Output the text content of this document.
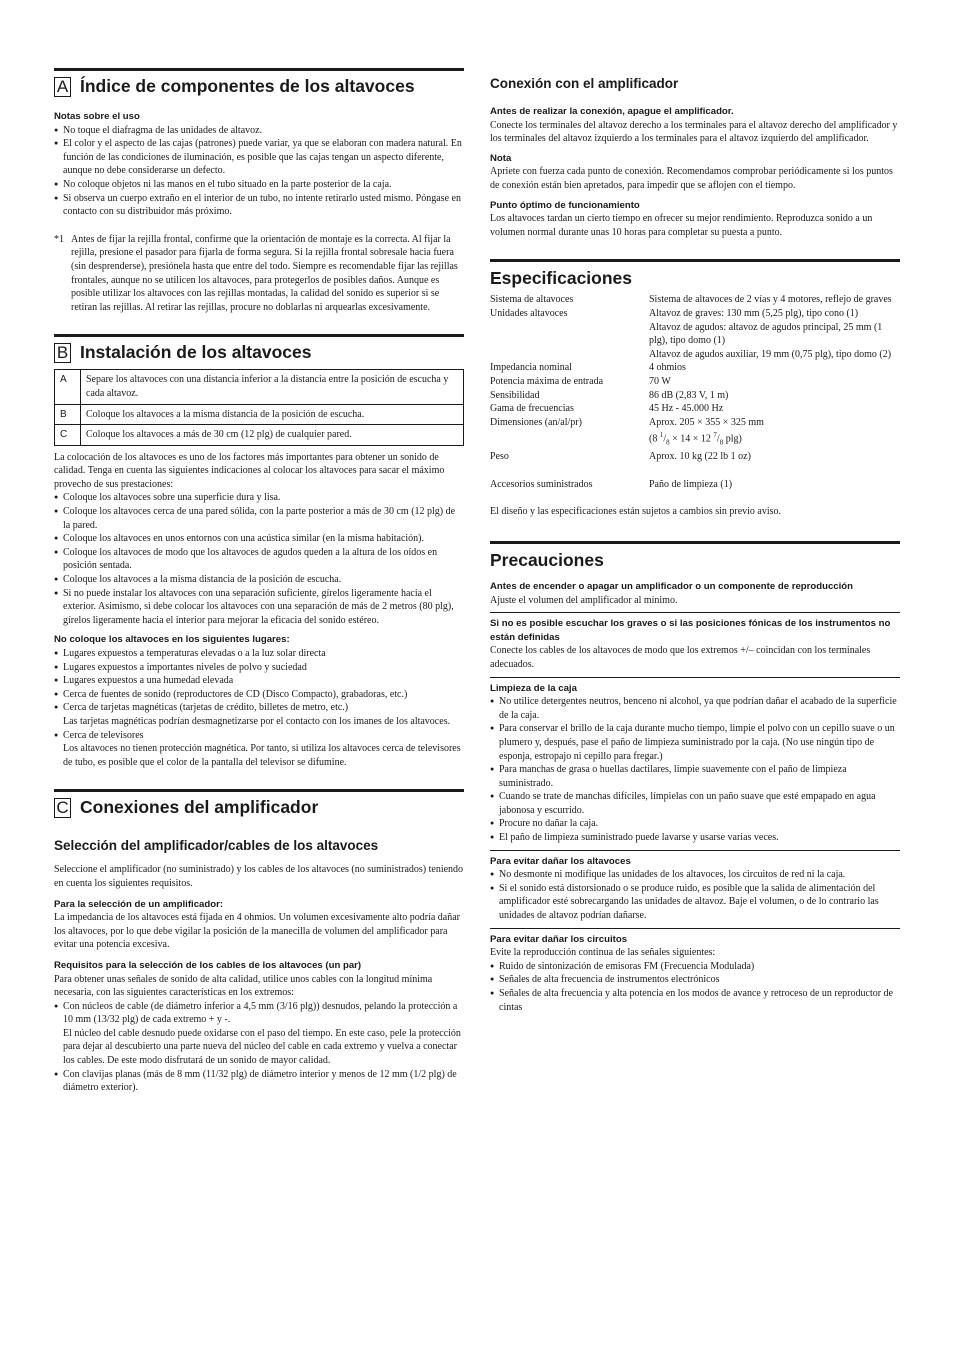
A Índice de componentes de los altavoces
Notas sobre el uso
● No toque el diafragma de las unidades de altavoz.
● El color y el aspecto de las cajas (patrones) puede variar, ya que se elaboran con madera natural. En función de las condiciones de iluminación, es posible que las cajas tengan un aspecto diferente, aunque no debe considerarse un defecto.
● No coloque objetos ni las manos en el tubo situado en la parte posterior de la caja.
● Si observa un cuerpo extraño en el interior de un tubo, no intente retirarlo usted mismo. Póngase en contacto con su distribuidor más próximo.
*1 Antes de fijar la rejilla frontal, confirme que la orientación de montaje es la correcta. Al fijar la rejilla, presione el pasador para fijarla de forma segura. Si la rejilla frontal sobresale hacia fuera (sin desprenderse), presiónela hasta que entre del todo. Siempre es recomendable fijar las rejillas frontales, aunque no se utilicen los altavoces, para protegerlos de posibles daños. Aunque es posible utilizar los altavoces con las rejillas montadas, la calidad del sonido es superior si se retiran las rejillas. Al retirar las rejillas, procure no doblarlas ni arquearlas excesivamente.
B Instalación de los altavoces
A	Separe los altavoces con una distancia inferior a la distancia entre la posición de escucha y cada altavoz.
B	Coloque los altavoces a la misma distancia de la posición de escucha.
C	Coloque los altavoces a más de 30 cm (12 plg) de cualquier pared.

La colocación de los altavoces es uno de los factores más importantes para obtener un sonido de calidad. Tenga en cuenta las siguientes indicaciones al colocar los altavoces para sacar el máximo provecho de sus prestaciones:

● Coloque los altavoces sobre una superficie dura y lisa.
● Coloque los altavoces cerca de una pared sólida, con la parte posterior a más de 30 cm (12 plg) de la pared.
● Coloque los altavoces en unos entornos con una acústica similar (en la misma habitación).
● Coloque los altavoces de modo que los altavoces de agudos queden a la altura de los oídos en posición sentada.
● Coloque los altavoces a la misma distancia de la posición de escucha.
● Si no puede instalar los altavoces con una separación suficiente, gírelos ligeramente hacia el exterior. Asimismo, si debe colocar los altavoces con una separación de más de 2 metros (80 plg), gírelos ligeramente hacia el interior para mejorar la eficacia del sonido estéreo.
No coloque los altavoces en los siguientes lugares:
● Lugares expuestos a temperaturas elevadas o a la luz solar directa
● Lugares expuestos a importantes niveles de polvo y suciedad
● Lugares expuestos a una humedad elevada
● Cerca de fuentes de sonido (reproductores de CD (Disco Compacto), grabadoras, etc.)
● Cerca de tarjetas magnéticas (tarjetas de crédito, billetes de metro, etc.)
Las tarjetas magnéticas podrían desmagnetizarse por el contacto con los imanes de los altavoces.
● Cerca de televisores
Los altavoces no tienen protección magnética. Por tanto, si utiliza los altavoces cerca de televisores de tubo, es posible que el color de la pantalla del televisor se difumine.
C Conexiones del amplificador
Selección del amplificador/cables de los altavoces

Seleccione el amplificador (no suministrado) y los cables de los altavoces (no suministrados) teniendo en cuenta los siguientes requisitos.

Para la selección de un amplificador:

La impedancia de los altavoces está fijada en 4 ohmios. Un volumen excesivamente alto podría dañar los altavoces, por lo que debe vigilar la posición de la manecilla de volumen del amplificador para evitar una potencia excesiva.

Requisitos para la selección de los cables de los altavoces (un par)

Para obtener unas señales de sonido de alta calidad, utilice unos cables con la longitud mínima necesaria, con las siguientes características en los extremos:

● Con núcleos de cable (de diámetro inferior a 4,5 mm (3/16 plg)) desnudos, pelando la protección a 10 mm (13/32 plg) de cada extremo + y -.
El núcleo del cable desnudo puede oxidarse con el paso del tiempo. En este caso, pele la protección para dejar al descubierto una parte nueva del núcleo del cable en cada extremo y vuelva a conectar los cables. De este modo disfrutará de un sonido de mayor calidad.
● Con clavijas planas (más de 8 mm (11/32 plg) de diámetro interior y menos de 12 mm (1/2 plg) de diámetro exterior).
Conexión con el amplificador
Antes de realizar la conexión, apague el amplificador.

Conecte los terminales del altavoz derecho a los terminales para el altavoz derecho del amplificador y los terminales del altavoz izquierdo a los terminales para el altavoz izquierdo del amplificador.

Nota

Apriete con fuerza cada punto de conexión. Recomendamos comprobar periódicamente si los puntos de conexión están bien apretados, para impedir que se aflojen con el tiempo.

Punto óptimo de funcionamiento

Los altavoces tardan un cierto tiempo en ofrecer su mejor rendimiento. Reproduzca sonido a un volumen normal durante unas 10 horas para completar su puesta a punto.

Especificaciones
Sistema de altavoces	Sistema de altavoces de 2 vías y 4 motores, reflejo de graves
Unidades altavoces	Altavoz de graves: 130 mm (5,25 plg), tipo cono (1)
Altavoz de agudos: altavoz de agudos principal, 25 mm (1 plg), tipo domo (1)
Altavoz de agudos auxiliar, 19 mm (0,75 plg), tipo domo (2)
Impedancia nominal	4 ohmios
Potencia máxima de entrada	70 W
Sensibilidad	86 dB (2,83 V, 1 m)
Gama de frecuencias	45 Hz - 45.000 Hz
Dimensiones (an/al/pr)	Aprox. 205 × 355 × 325 mm
(8 $^1/_8 \times 14 \times 12$ $^7/_8$ plg)
Peso	Aprox. 10 kg (22 lb 1 oz)
Accesorios suministrados	Paño de limpieza (1)

El diseño y las especificaciones están sujetos a cambios sin previo aviso.

Precauciones
Antes de encender o apagar un amplificador o un componente de reproducción

Ajuste el volumen del amplificador al mínimo.

Si no es posible escuchar los graves o si las posiciones fónicas de los instrumentos no están definidas

Conecte los cables de los altavoces de modo que los extremos +/– coincidan con los terminales adecuados.

Limpieza de la caja
● No utilice detergentes neutros, benceno ni alcohol, ya que podrían dañar el acabado de la superficie de la caja.
● Para conservar el brillo de la caja durante mucho tiempo, limpie el polvo con un cepillo suave o un plumero y, después, pase el paño de limpieza suministrado por la caja. (No use ningún tipo de esponja, estropajo ni cepillo para fregar.)
● Para manchas de grasa o huellas dactilares, limpie suavemente con el paño de limpieza suministrado.
● Cuando se trate de manchas difíciles, límpielas con un paño suave que esté empapado en agua jabonosa y escurrido.
● Procure no dañar la caja.
● El paño de limpieza suministrado puede lavarse y usarse varias veces.
Para evitar dañar los altavoces
● No desmonte ni modifique las unidades de los altavoces, los circuitos de red ni la caja.
● Si el sonido está distorsionado o se produce ruido, es posible que la salida de alimentación del amplificador esté sobrecargando las unidades de altavoz. Baje el volumen, o de lo contrario las unidades de altavoz podrían dañarse.
Para evitar dañar los circuitos

Evite la reproducción continua de las señales siguientes:

● Ruido de sintonización de emisoras FM (Frecuencia Modulada)
● Señales de alta frecuencia de instrumentos electrónicos
● Señales de alta frecuencia y alta potencia en los modos de avance y retroceso de un reproductor de cintas
